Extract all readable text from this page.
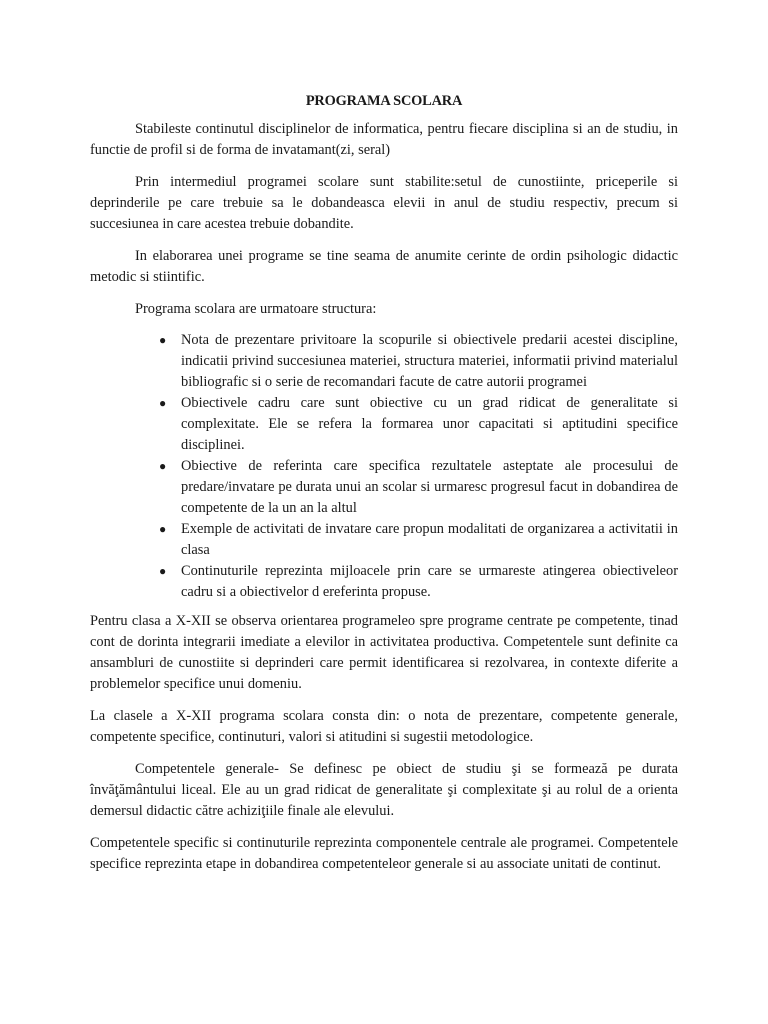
PROGRAMA SCOLARA

Stabileste continutul disciplinelor de informatica, pentru fiecare disciplina si an de studiu, in functie de profil si de forma de invatamant(zi, seral)

Prin intermediul programei scolare sunt stabilite:setul de cunostiinte, priceperile si deprinderile pe care trebuie sa le dobandeasca elevii in anul de studiu respectiv, precum si succesiunea in care acestea trebuie dobandite.

In elaborarea unei programe se tine seama de anumite cerinte de ordin psihologic didactic metodic si stiintific.

Programa scolara are urmatoare structura:

● Nota de prezentare privitoare la scopurile si obiectivele predarii acestei discipline, indicatii privind succesiunea materiei, structura materiei, informatii privind materialul bibliografic si o serie de recomandari facute de catre autorii programei
● Obiectivele cadru care sunt obiective cu un grad ridicat de generalitate si complexitate. Ele se refera la formarea unor capacitati si aptitudini specifice disciplinei.
● Obiective de referinta care specifica rezultatele asteptate ale procesului de predare/invatare pe durata unui an scolar si urmaresc progresul facut in dobandirea de competente de la un an la altul
● Exemple de activitati de invatare care propun modalitati de organizarea a activitatii in clasa
● Continuturile reprezinta mijloacele prin care se urmareste atingerea obiectiveleor cadru si a obiectivelor d ereferinta propuse.

Pentru clasa a X-XII se observa orientarea programeleo spre programe centrate pe competente, tinad cont de dorinta integrarii imediate a elevilor in activitatea productiva. Competentele sunt definite ca ansambluri de cunostiite si deprinderi care permit identificarea si rezolvarea, in contexte diferite a problemelor specifice unui domeniu.

La clasele a X-XII programa scolara consta din: o nota de prezentare, competente generale, competente specifice, continuturi, valori si atitudini si sugestii metodologice.

Competentele generale- Se definesc pe obiect de studiu şi se formează pe durata învăţământului liceal. Ele au un grad ridicat de generalitate şi complexitate şi au rolul de a orienta demersul didactic către achiziţiile finale ale elevului.

Competentele specific si continuturile reprezinta componentele centrale ale programei. Competentele specifice reprezinta etape in dobandirea competenteleor generale si au associate unitati de continut.
